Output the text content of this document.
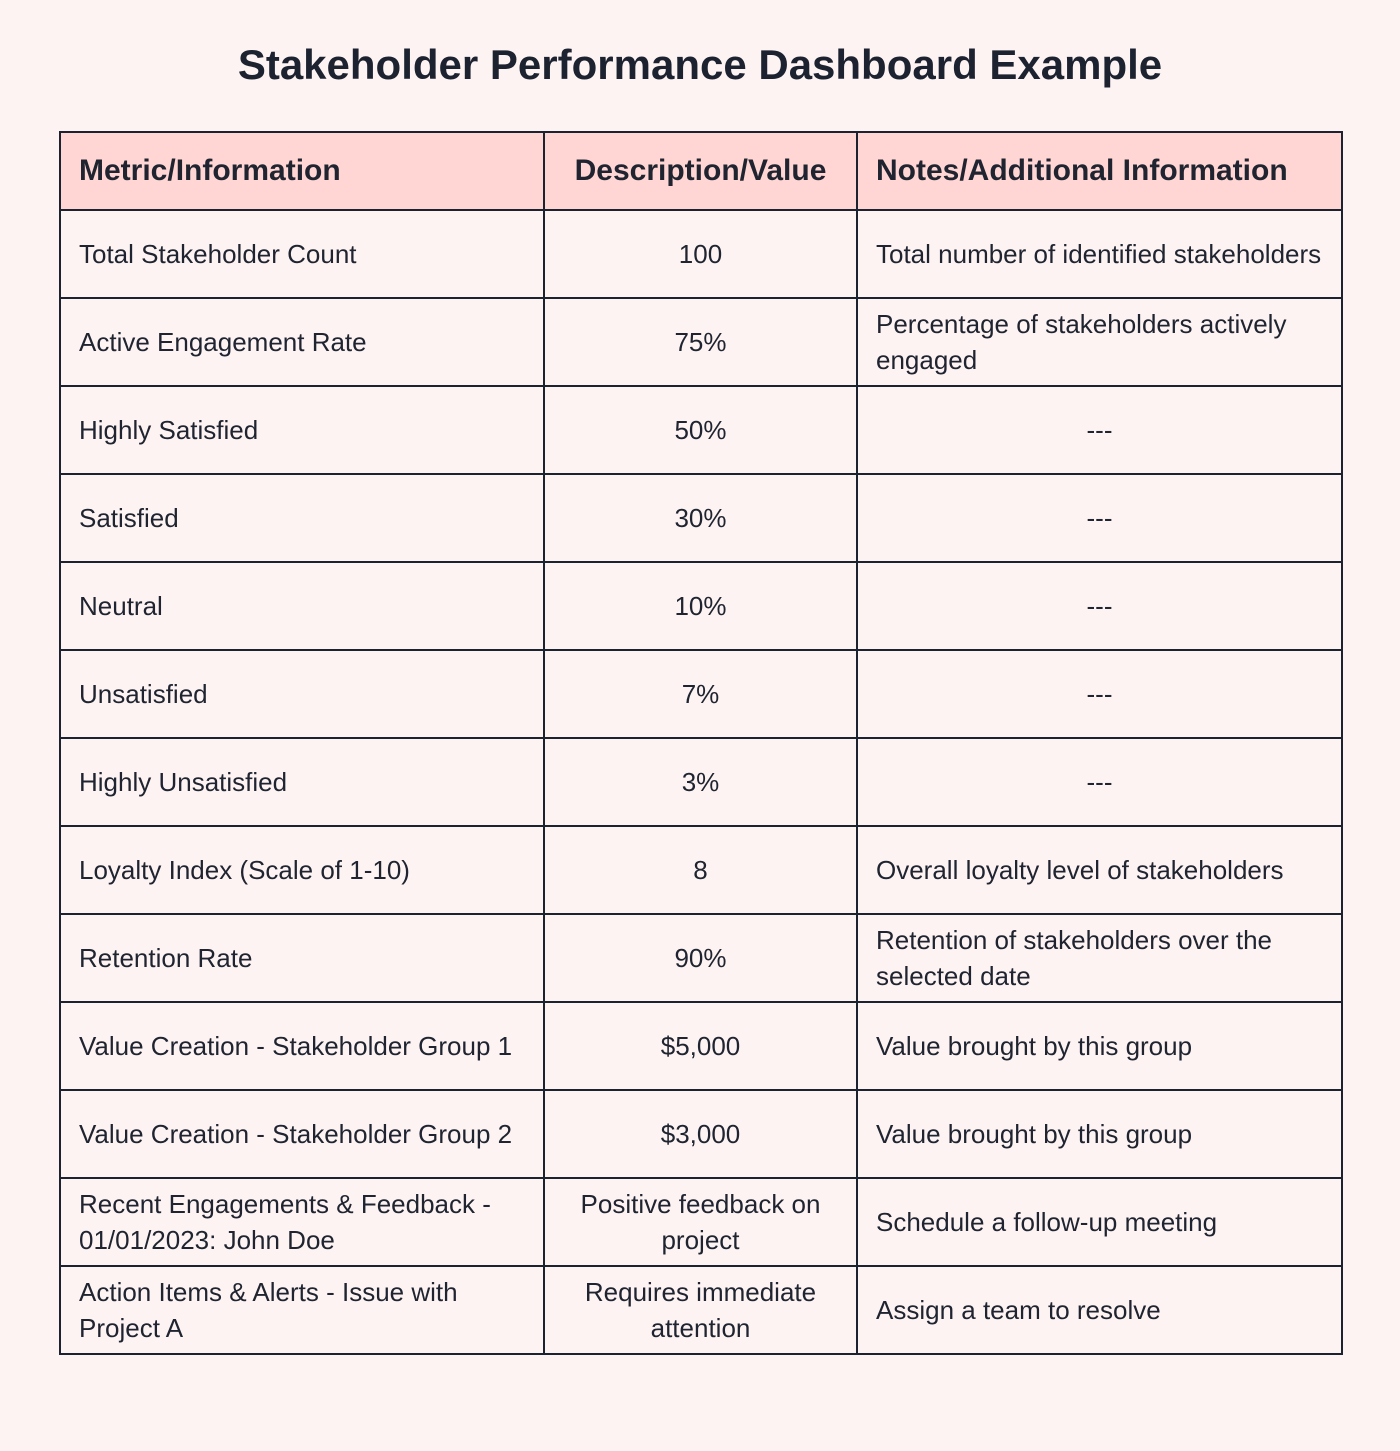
Stakeholder Performance Dashboard Example
Metric/Information	Description/Value	Notes/Additional Information
Total Stakeholder Count	100	Total number of identified stakeholders
Active Engagement Rate	75%	Percentage of stakeholders actively engaged
Highly Satisfied	50%	---
Satisfied	30%	---
Neutral	10%	---
Unsatisfied	7%	---
Highly Unsatisfied	3%	---
Loyalty Index (Scale of 1-10)	8	Overall loyalty level of stakeholders
Retention Rate	90%	Retention of stakeholders over the selected date
Value Creation - Stakeholder Group 1	$5,000	Value brought by this group
Value Creation - Stakeholder Group 2	$3,000	Value brought by this group
Recent Engagements & Feedback - 01/01/2023: John Doe	Positive feedback on project	Schedule a follow-up meeting
Action Items & Alerts - Issue with Project A	Requires immediate attention	Assign a team to resolve
